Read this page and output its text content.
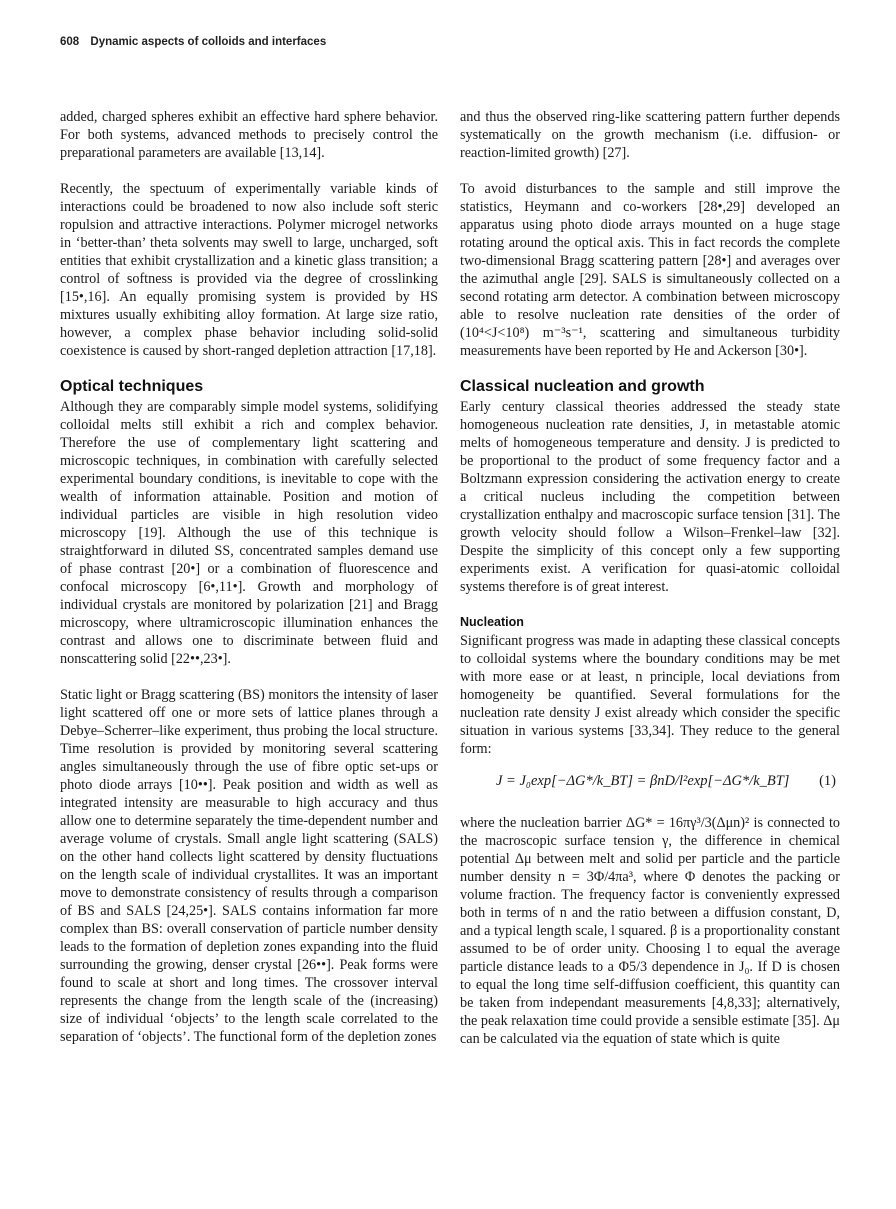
608 Dynamic aspects of colloids and interfaces

added, charged spheres exhibit an effective hard sphere behavior. For both systems, advanced methods to precisely control the preparational parameters are available [13,14].

Recently, the spectuum of experimentally variable kinds of interactions could be broadened to now also include soft steric ropulsion and attractive interactions. Polymer microgel networks in ‘better-than’ theta solvents may swell to large, uncharged, soft entities that exhibit crystallization and a kinetic glass transition; a control of softness is provided via the degree of crosslinking [15•,16]. An equally promising system is provided by HS mixtures usually exhibiting alloy formation. At large size ratio, however, a complex phase behavior including solid-solid coexistence is caused by short-ranged depletion attraction [17,18].

Optical techniques

Although they are comparably simple model systems, solidifying colloidal melts still exhibit a rich and complex behavior. Therefore the use of complementary light scattering and microscopic techniques, in combination with carefully selected experimental boundary conditions, is inevitable to cope with the wealth of information attainable. Position and motion of individual particles are visible in high resolution video microscopy [19]. Although the use of this technique is straightforward in diluted SS, concentrated samples demand use of phase contrast [20•] or a combination of fluorescence and confocal microscopy [6•,11•]. Growth and morphology of individual crystals are monitored by polarization [21] and Bragg microscopy, where ultramicroscopic illumination enhances the contrast and allows one to discriminate between fluid and nonscattering solid [22••,23•].

Static light or Bragg scattering (BS) monitors the intensity of laser light scattered off one or more sets of lattice planes through a Debye–Scherrer–like experiment, thus probing the local structure. Time resolution is provided by monitoring several scattering angles simultaneously through the use of fibre optic set-ups or photo diode arrays [10••]. Peak position and width as well as integrated intensity are measurable to high accuracy and thus allow one to determine separately the time-dependent number and average volume of crystals. Small angle light scattering (SALS) on the other hand collects light scattered by density fluctuations on the length scale of individual crystallites. It was an important move to demonstrate consistency of results through a comparison of BS and SALS [24,25•]. SALS contains information far more complex than BS: overall conservation of particle number density leads to the formation of depletion zones expanding into the fluid surrounding the growing, denser crystal [26••]. Peak forms were found to scale at short and long times. The crossover interval represents the change from the length scale of the (increasing) size of individual ‘objects’ to the length scale correlated to the separation of ‘objects’. The functional form of the depletion zones

and thus the observed ring-like scattering pattern further depends systematically on the growth mechanism (i.e. diffusion- or reaction-limited growth) [27].

To avoid disturbances to the sample and still improve the statistics, Heymann and co-workers [28•,29] developed an apparatus using photo diode arrays mounted on a huge stage rotating around the optical axis. This in fact records the complete two-dimensional Bragg scattering pattern [28•] and averages over the azimuthal angle [29]. SALS is simultaneously collected on a second rotating arm detector. A combination between microscopy able to resolve nucleation rate densities of the order of (10⁴<J<10⁸) m⁻³s⁻¹, scattering and simultaneous turbidity measurements have been reported by He and Ackerson [30•].

Classical nucleation and growth

Early century classical theories addressed the steady state homogeneous nucleation rate densities, J, in metastable atomic melts of homogeneous temperature and density. J is predicted to be proportional to the product of some frequency factor and a Boltzmann expression considering the activation energy to create a critical nucleus including the competition between crystallization enthalpy and macroscopic surface tension [31]. The growth velocity should follow a Wilson–Frenkel–law [32]. Despite the simplicity of this concept only a few supporting experiments exist. A verification for quasi-atomic colloidal systems therefore is of great interest.

Nucleation

Significant progress was made in adapting these classical concepts to colloidal systems where the boundary conditions may be met with more ease or at least, n principle, local deviations from homogeneity be quantified. Several formulations for the nucleation rate density J exist already which consider the specific situation in various systems [33,34]. They reduce to the general form:

J = J₀exp[−ΔG*/k_BT] = βnD/l²exp[−ΔG*/k_BT] (1)

where the nucleation barrier ΔG* = 16πγ³/3(Δμn)² is connected to the macroscopic surface tension γ, the difference in chemical potential Δμ between melt and solid per particle and the particle number density n = 3Φ/4πa³, where Φ denotes the packing or volume fraction. The frequency factor is conveniently expressed both in terms of n and the ratio between a diffusion constant, D, and a typical length scale, l squared. β is a proportionality constant assumed to be of order unity. Choosing l to equal the average particle distance leads to a Φ5/3 dependence in J₀. If D is chosen to equal the long time self-diffusion coefficient, this quantity can be taken from independant measurements [4,8,33]; alternatively, the peak relaxation time could provide a sensible estimate [35]. Δμ can be calculated via the equation of state which is quite
